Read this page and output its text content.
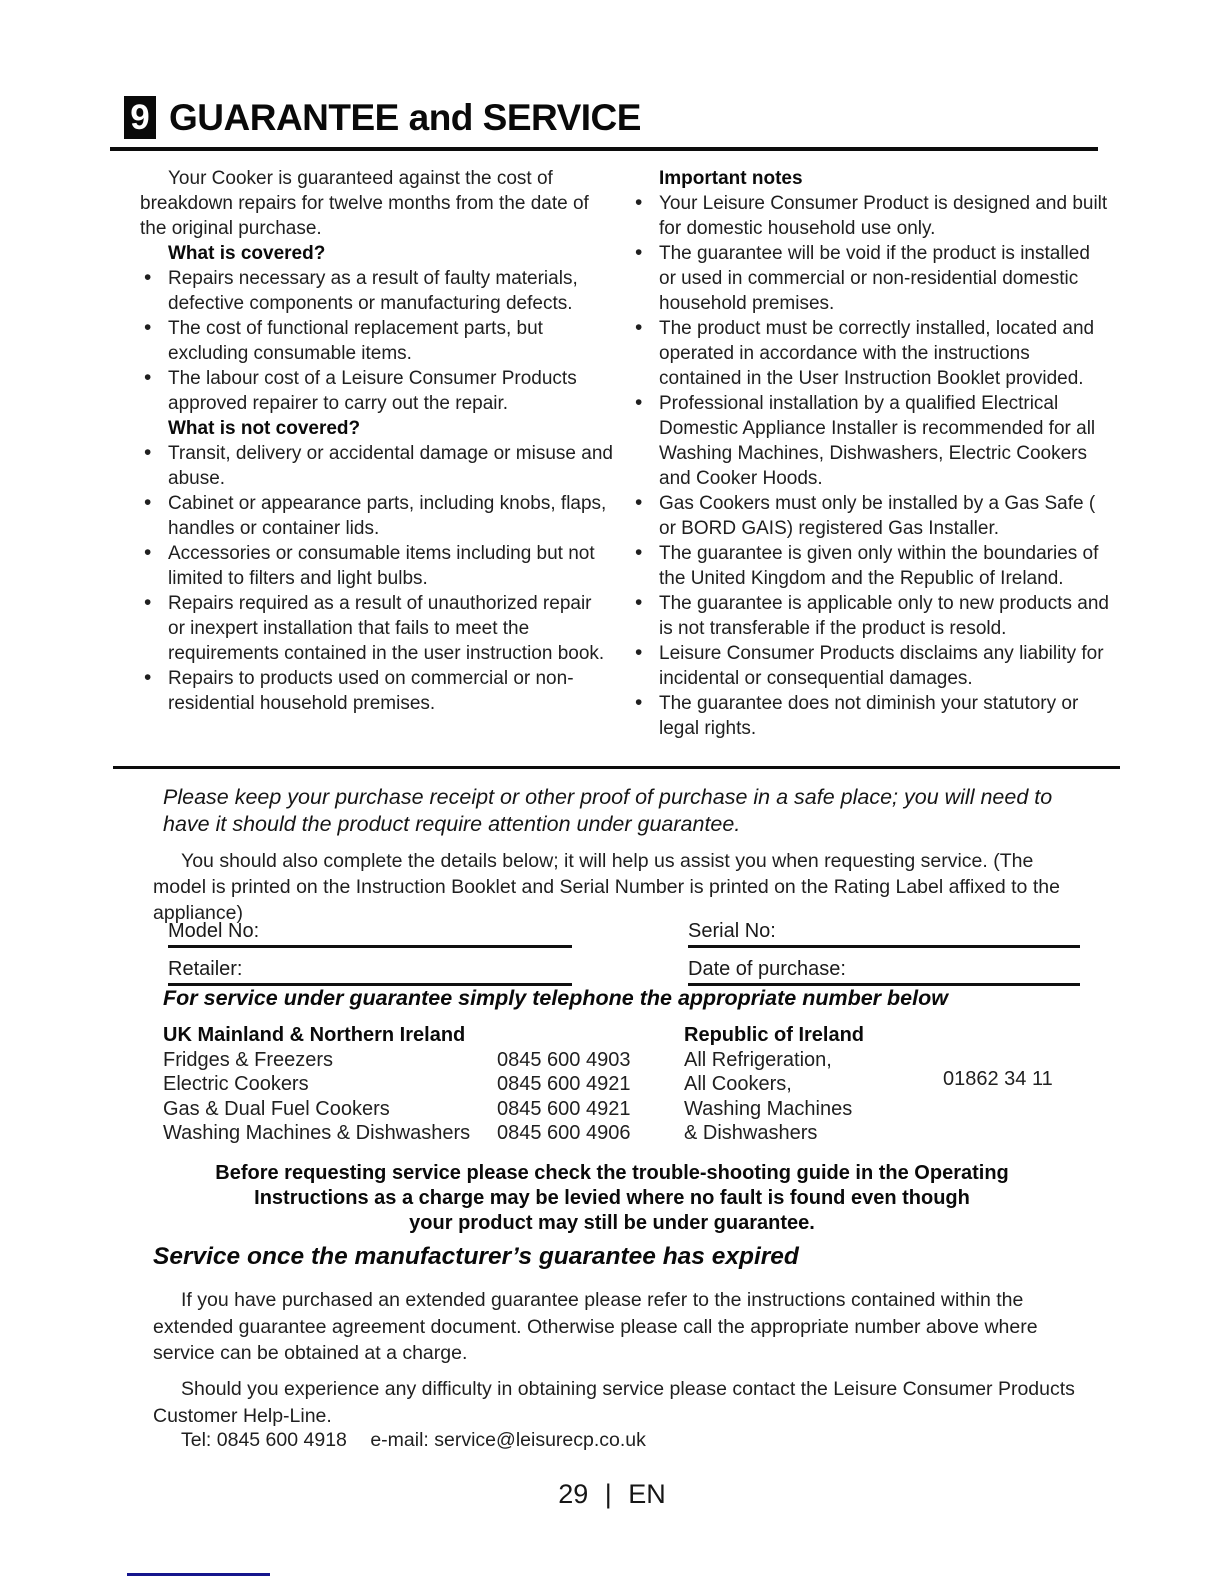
9 GUARANTEE and SERVICE

Your Cooker is guaranteed against the cost of breakdown repairs for twelve months from the date of the original purchase.

What is covered?
• Repairs necessary as a result of faulty materials, defective components or manufacturing defects.
• The cost of functional replacement parts, but excluding consumable items.
• The labour cost of a Leisure Consumer Products approved repairer to carry out the repair.
What is not covered?
• Transit, delivery or accidental damage or misuse and abuse.
• Cabinet or appearance parts, including knobs, flaps, handles or container lids.
• Accessories or consumable items including but not limited to filters and light bulbs.
• Repairs required as a result of unauthorized repair or inexpert installation that fails to meet the requirements contained in the user instruction book.
• Repairs to products used on commercial or non-residential household premises.
Important notes
• Your Leisure Consumer Product is designed and built for domestic household use only.
• The guarantee will be void if the product is installed or used in commercial or non-residential domestic household premises.
• The product must be correctly installed, located and operated in accordance with the instructions contained in the User Instruction Booklet provided.
• Professional installation by a qualified Electrical Domestic Appliance Installer is recommended for all Washing Machines, Dishwashers, Electric Cookers and Cooker Hoods.
• Gas Cookers must only be installed by a Gas Safe ( or BORD GAIS) registered Gas Installer.
• The guarantee is given only within the boundaries of the United Kingdom and the Republic of Ireland.
• The guarantee is applicable only to new products and is not transferable if the product is resold.
• Leisure Consumer Products disclaims any liability for incidental or consequential damages.
• The guarantee does not diminish your statutory or legal rights.
Please keep your purchase receipt or other proof of purchase in a safe place; you will need to have it should the product require attention under guarantee.
You should also complete the details below; it will help us assist you when requesting service. (The model is printed on the Instruction Booklet and Serial Number is printed on the Rating Label affixed to the appliance)
Model No:	Serial No:
Retailer:	Date of purchase:
For service under guarantee simply telephone the appropriate number below
UK Mainland & Northern Ireland
Fridges & Freezers	0845 600 4903
Electric Cookers	0845 600 4921
Gas & Dual Fuel Cookers	0845 600 4921
Washing Machines & Dishwashers	0845 600 4906
Republic of Ireland
All Refrigeration,
All Cookers,
Washing Machines
& Dishwashers
01862 34 11
Before requesting service please check the trouble-shooting guide in the Operating
Instructions as a charge may be levied where no fault is found even though
your product may still be under guarantee.
Service once the manufacturer’s guarantee has expired
If you have purchased an extended guarantee please refer to the instructions contained within the extended guarantee agreement document. Otherwise please call the appropriate number above where service can be obtained at a charge.
Should you experience any difficulty in obtaining service please contact the Leisure Consumer Products Customer Help-Line.
Tel: 0845 600 4918 e-mail: service@leisurecp.co.uk
29 | EN
